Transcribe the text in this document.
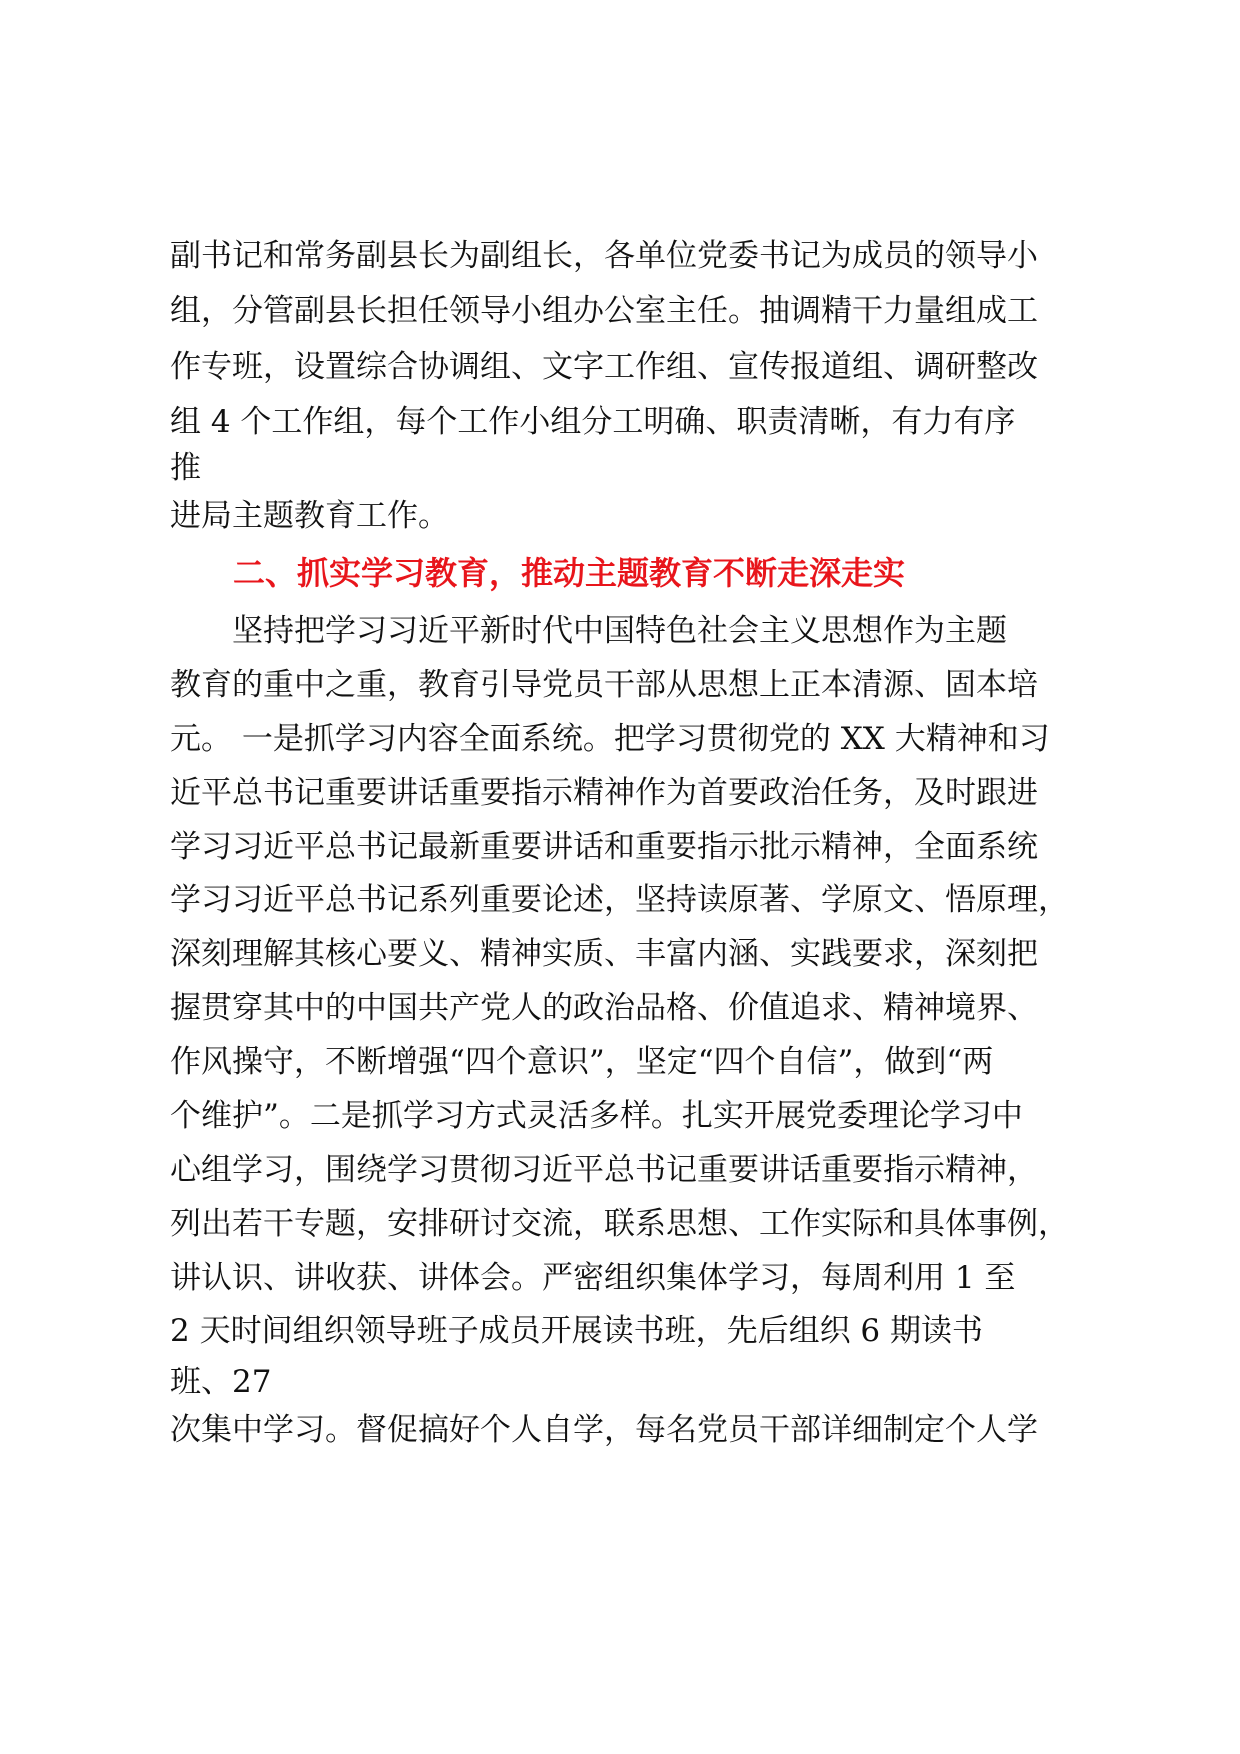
副书记和常务副县长为副组长，各单位党委书记为成员的领导小
组，分管副县长担任领导小组办公室主任。抽调精干力量组成工
作专班，设置综合协调组、文字工作组、宣传报道组、调研整改
组 4 个工作组，每个工作小组分工明确、职责清晰，有力有序
推
进局主题教育工作。
二、抓实学习教育，推动主题教育不断走深走实
　　坚持把学习习近平新时代中国特色社会主义思想作为主题
教育的重中之重，教育引导党员干部从思想上正本清源、固本培
元。 一是抓学习内容全面系统。把学习贯彻党的 XX 大精神和习
近平总书记重要讲话重要指示精神作为首要政治任务，及时跟进
学习习近平总书记最新重要讲话和重要指示批示精神，全面系统
学习习近平总书记系列重要论述，坚持读原著、学原文、悟原理，
深刻理解其核心要义、精神实质、丰富内涵、实践要求，深刻把
握贯穿其中的中国共产党人的政治品格、价值追求、精神境界、
作风操守，不断增强“四个意识”，坚定“四个自信”，做到“两
个维护”。二是抓学习方式灵活多样。扎实开展党委理论学习中
心组学习，围绕学习贯彻习近平总书记重要讲话重要指示精神，
列出若干专题，安排研讨交流，联系思想、工作实际和具体事例，
讲认识、讲收获、讲体会。严密组织集体学习，每周利用 1 至
2 天时间组织领导班子成员开展读书班，先后组织 6 期读书
班、27
次集中学习。督促搞好个人自学，每名党员干部详细制定个人学
